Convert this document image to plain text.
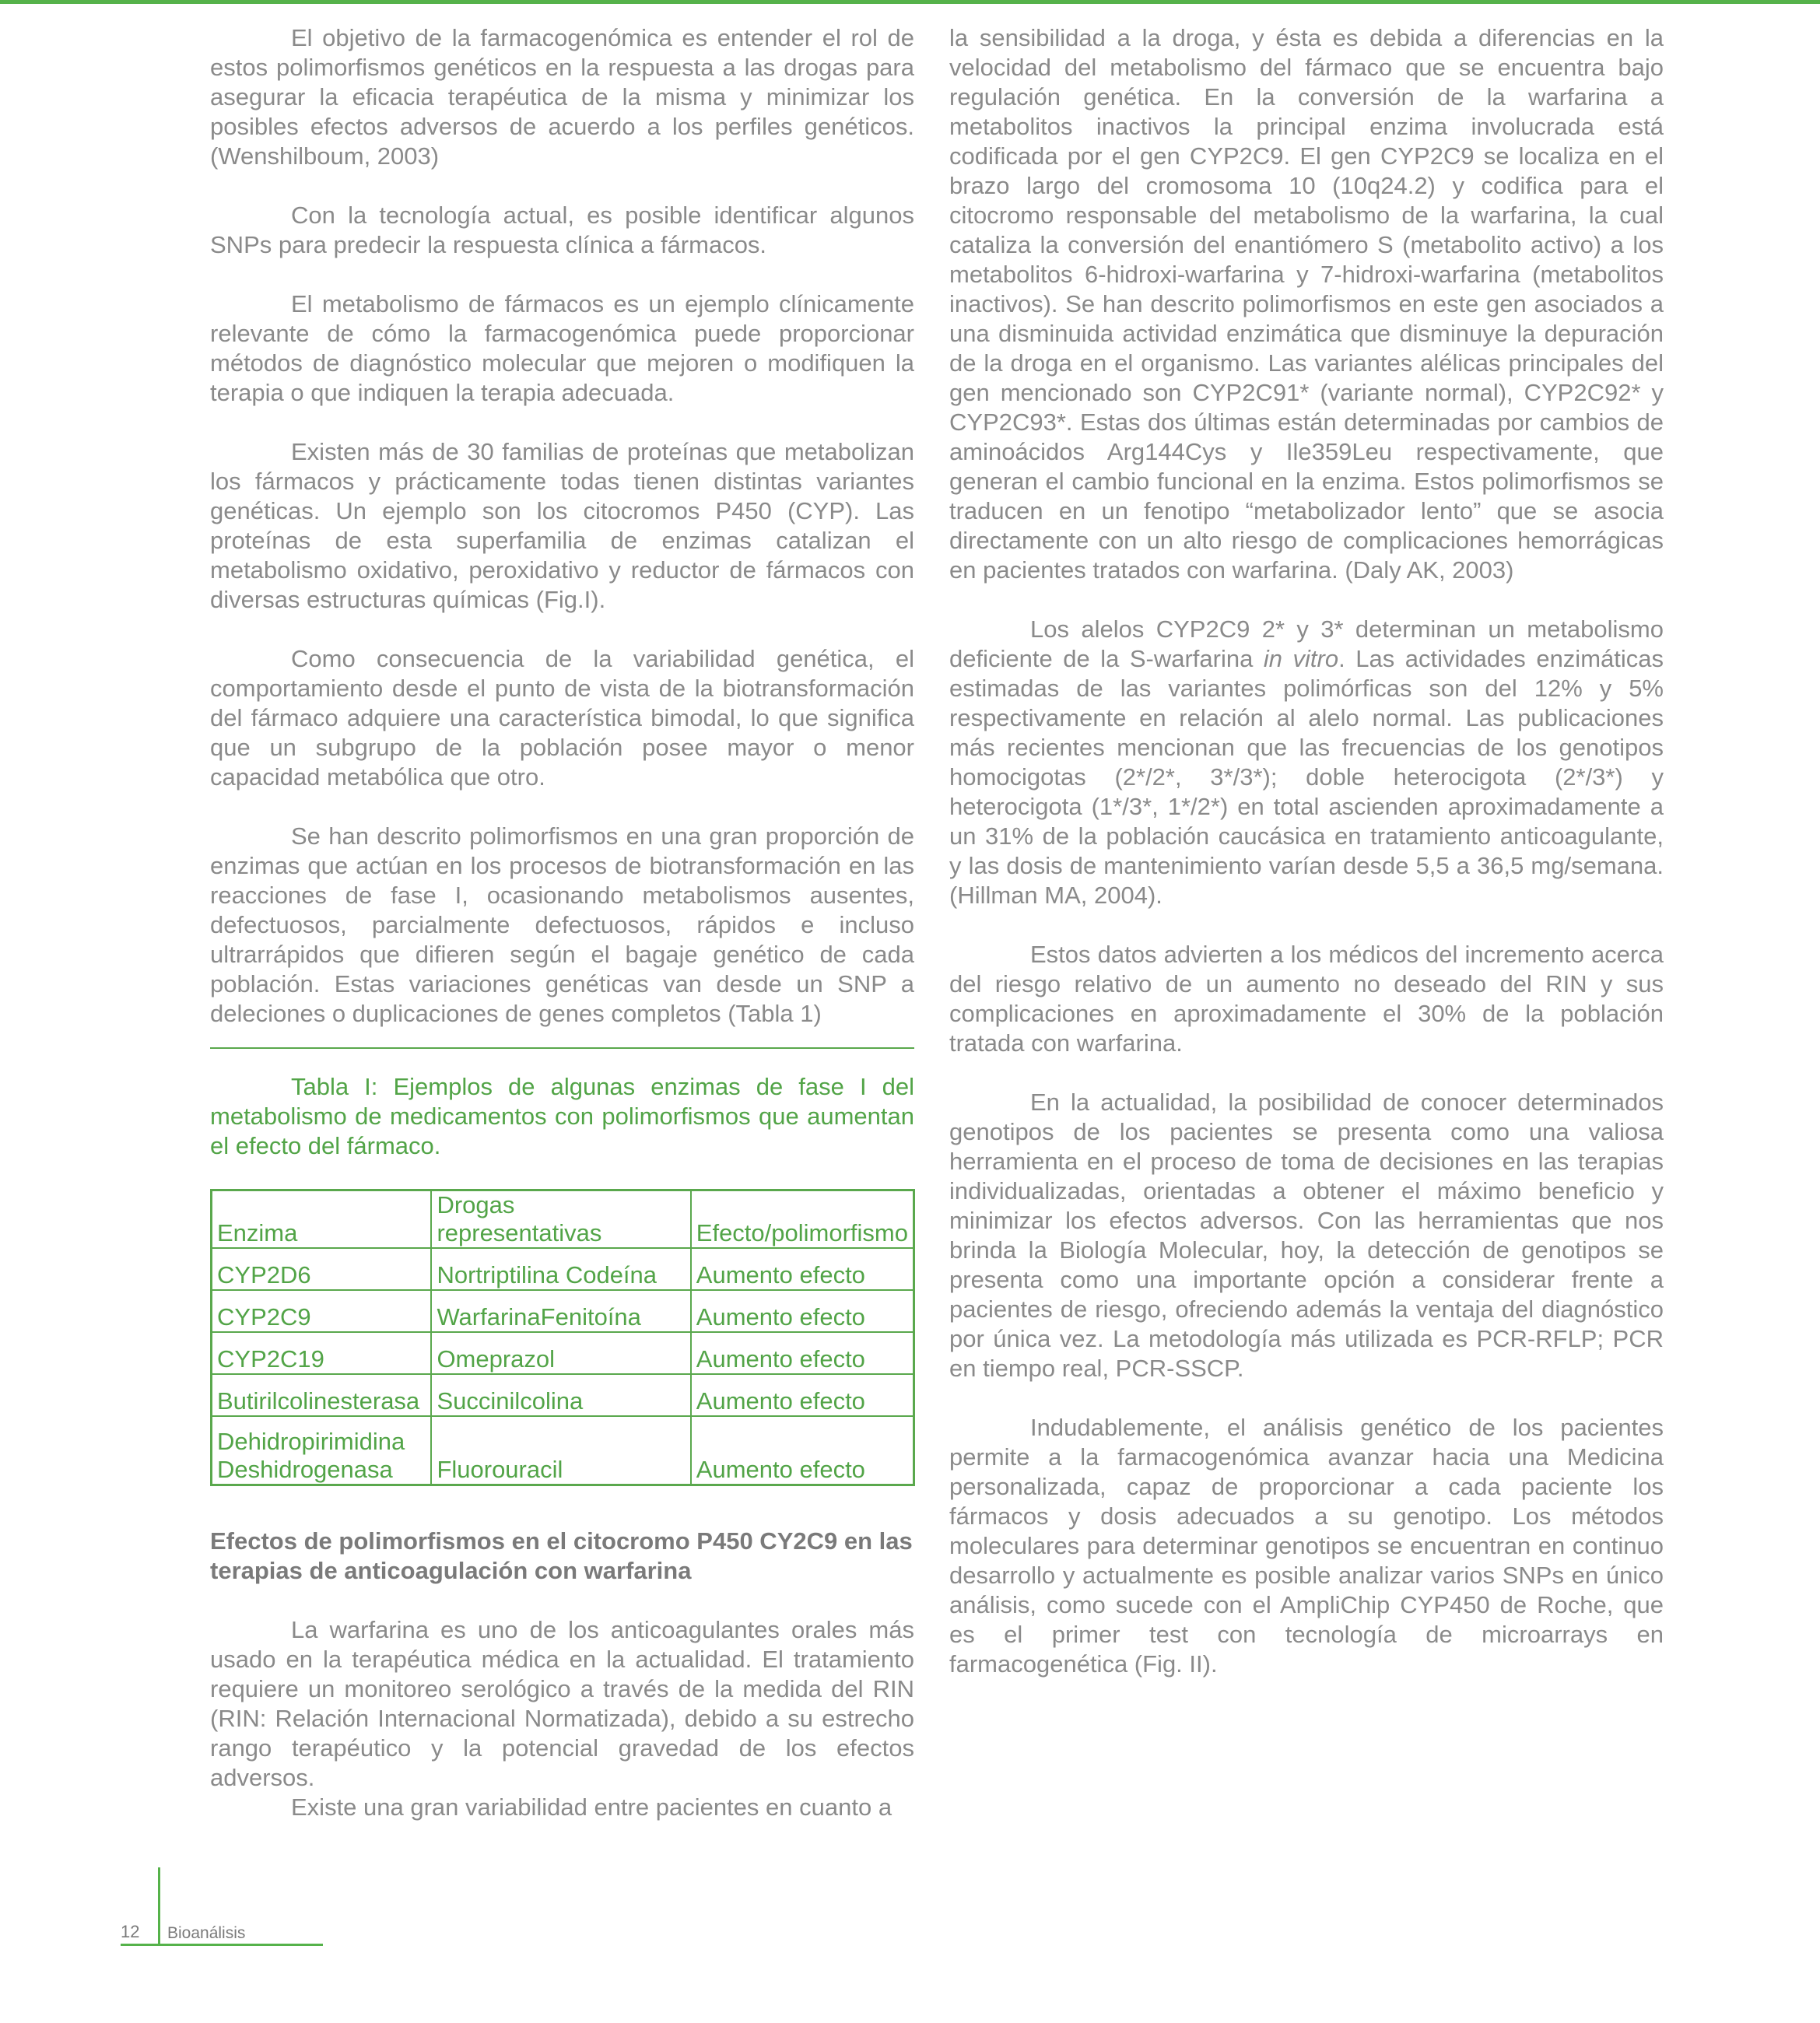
El objetivo de la farmacogenómica es entender el rol de estos polimorfismos genéticos en la respuesta a las drogas para asegurar la eficacia terapéutica de la misma y minimizar los posibles efectos adversos de acuerdo a los perfiles genéticos. (Wenshilboum, 2003)

Con la tecnología actual, es posible identificar algunos SNPs para predecir la respuesta clínica a fármacos.

El metabolismo de fármacos es un ejemplo clínicamente relevante de cómo la farmacogenómica puede proporcionar métodos de diagnóstico molecular que mejoren o modifiquen la terapia o que indiquen la terapia adecuada.

Existen más de 30 familias de proteínas que metabolizan los fármacos y prácticamente todas tienen distintas variantes genéticas. Un ejemplo son los citocromos P450 (CYP). Las proteínas de esta superfamilia de enzimas catalizan el metabolismo oxidativo, peroxidativo y reductor de fármacos con diversas estructuras químicas (Fig.I).

Como consecuencia de la variabilidad genética, el comportamiento desde el punto de vista de la biotransformación del fármaco adquiere una característica bimodal, lo que significa que un subgrupo de la población posee mayor o menor capacidad metabólica que otro.

Se han descrito polimorfismos en una gran proporción de enzimas que actúan en los procesos de biotransformación en las reacciones de fase I, ocasionando metabolismos ausentes, defectuosos, parcialmente defectuosos, rápidos e incluso ultrarrápidos que difieren según el bagaje genético de cada población. Estas variaciones genéticas van desde un SNP a deleciones o duplicaciones de genes completos (Tabla 1)

Tabla I: Ejemplos de algunas enzimas de fase I del metabolismo de medicamentos con polimorfismos que aumentan el efecto del fármaco.

Enzima	Drogas representativas	Efecto/polimorfismo
CYP2D6	Nortriptilina Codeína	Aumento efecto
CYP2C9	WarfarinaFenitoína	Aumento efecto
CYP2C19	Omeprazol	Aumento efecto
Butirilcolinesterasa	Succinilcolina	Aumento efecto
Dehidropirimidina Deshidrogenasa	Fluorouracil	Aumento efecto
Efectos de polimorfismos en el citocromo P450 CY2C9 en las terapias de anticoagulación con warfarina

La warfarina es uno de los anticoagulantes orales más usado en la terapéutica médica en la actualidad. El tratamiento requiere un monitoreo serológico a través de la medida del RIN (RIN: Relación Internacional Normatizada), debido a su estrecho rango terapéutico y la potencial gravedad de los efectos adversos.

Existe una gran variabilidad entre pacientes en cuanto a

la sensibilidad a la droga, y ésta es debida a diferencias en la velocidad del metabolismo del fármaco que se encuentra bajo regulación genética. En la conversión de la warfarina a metabolitos inactivos la principal enzima involucrada está codificada por el gen CYP2C9. El gen CYP2C9 se localiza en el brazo largo del cromosoma 10 (10q24.2) y codifica para el citocromo responsable del metabolismo de la warfarina, la cual cataliza la conversión del enantiómero S (metabolito activo) a los metabolitos 6-hidroxi-warfarina y 7-hidroxi-warfarina (metabolitos inactivos). Se han descrito polimorfismos en este gen asociados a una disminuida actividad enzimática que disminuye la depuración de la droga en el organismo. Las variantes alélicas principales del gen mencionado son CYP2C91* (variante normal), CYP2C92* y CYP2C93*. Estas dos últimas están determinadas por cambios de aminoácidos Arg144Cys y Ile359Leu respectivamente, que generan el cambio funcional en la enzima. Estos polimorfismos se traducen en un fenotipo “metabolizador lento” que se asocia directamente con un alto riesgo de complicaciones hemorrágicas en pacientes tratados con warfarina. (Daly AK, 2003)

Los alelos CYP2C9 2* y 3* determinan un metabolismo deficiente de la S-warfarina in vitro. Las actividades enzimáticas estimadas de las variantes polimórficas son del 12% y 5% respectivamente en relación al alelo normal. Las publicaciones más recientes mencionan que las frecuencias de los genotipos homocigotas (2*/2*, 3*/3*); doble heterocigota (2*/3*) y heterocigota (1*/3*, 1*/2*) en total ascienden aproximadamente a un 31% de la población caucásica en tratamiento anticoagulante, y las dosis de mantenimiento varían desde 5,5 a 36,5 mg/semana. (Hillman MA, 2004).

Estos datos advierten a los médicos del incremento acerca del riesgo relativo de un aumento no deseado del RIN y sus complicaciones en aproximadamente el 30% de la población tratada con warfarina.

En la actualidad, la posibilidad de conocer determinados genotipos de los pacientes se presenta como una valiosa herramienta en el proceso de toma de decisiones en las terapias individualizadas, orientadas a obtener el máximo beneficio y minimizar los efectos adversos. Con las herramientas que nos brinda la Biología Molecular, hoy, la detección de genotipos se presenta como una importante opción a considerar frente a pacientes de riesgo, ofreciendo además la ventaja del diagnóstico por única vez. La metodología más utilizada es PCR-RFLP; PCR en tiempo real, PCR-SSCP.

Indudablemente, el análisis genético de los pacientes permite a la farmacogenómica avanzar hacia una Medicina personalizada, capaz de proporcionar a cada paciente los fármacos y dosis adecuados a su genotipo. Los métodos moleculares para determinar genotipos se encuentran en continuo desarrollo y actualmente es posible analizar varios SNPs en único análisis, como sucede con el AmpliChip CYP450 de Roche, que es el primer test con tecnología de microarrays en farmacogenética (Fig. II).

12 Bioanálisis
